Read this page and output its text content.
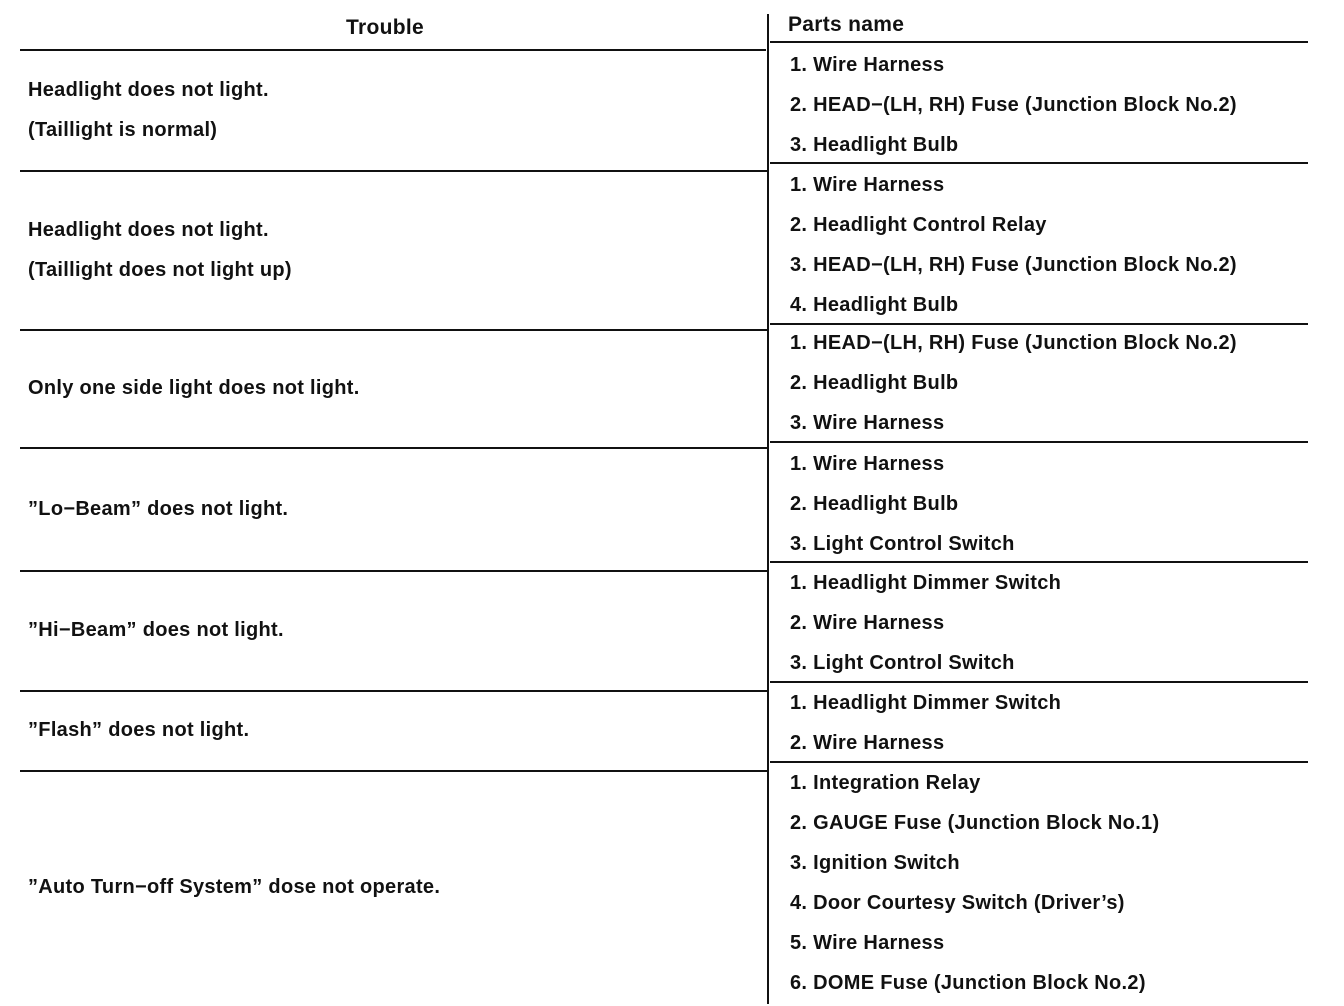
Trouble	Parts name
Headlight does not light.
(Taillight is normal)
1. Wire Harness
2. HEAD−(LH, RH) Fuse (Junction Block No.2)
3. Headlight Bulb
Headlight does not light.
(Taillight does not light up)
1. Wire Harness
2. Headlight Control Relay
3. HEAD−(LH, RH) Fuse (Junction Block No.2)
4. Headlight Bulb
Only one side light does not light.
1. HEAD−(LH, RH) Fuse (Junction Block No.2)
2. Headlight Bulb
3. Wire Harness
”Lo−Beam” does not light.
1. Wire Harness
2. Headlight Bulb
3. Light Control Switch
”Hi−Beam” does not light.
1. Headlight Dimmer Switch
2. Wire Harness
3. Light Control Switch
”Flash” does not light.
1. Headlight Dimmer Switch
2. Wire Harness
”Auto Turn−off System” dose not operate.
1. Integration Relay
2. GAUGE Fuse (Junction Block No.1)
3. Ignition Switch
4. Door Courtesy Switch (Driver’s)
5. Wire Harness
6. DOME Fuse (Junction Block No.2)
